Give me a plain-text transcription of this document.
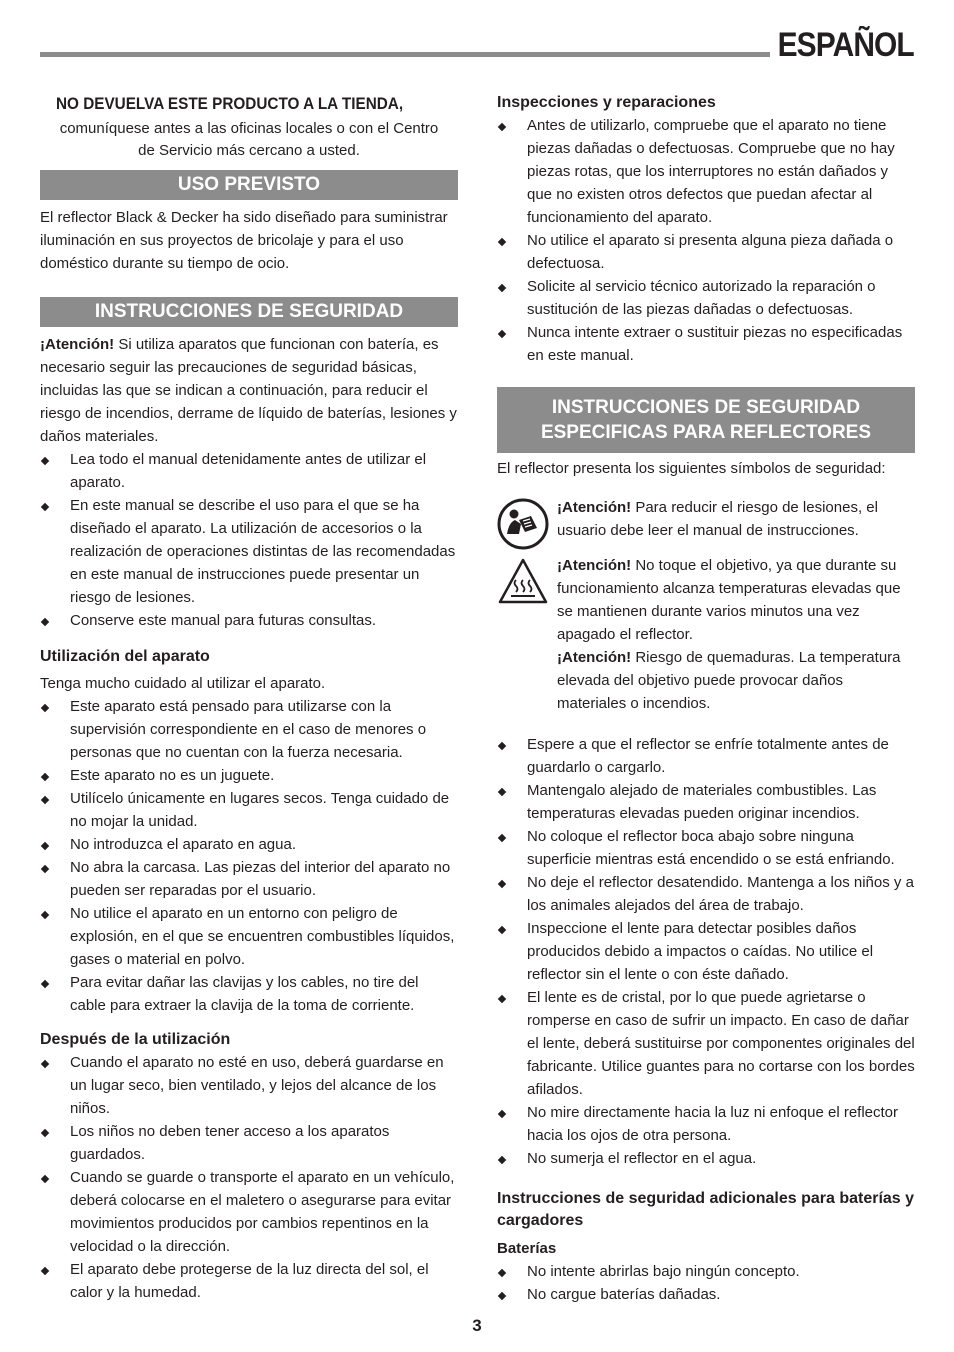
ESPAÑOL

NO DEVUELVA ESTE PRODUCTO A LA TIENDA,

comuníquese antes a las oficinas locales o con el Centro de Servicio más cercano a usted.

USO PREVISTO

El reflector Black & Decker ha sido diseñado para suministrar iluminación en sus proyectos de bricolaje y para el uso doméstico durante su tiempo de ocio.

INSTRUCCIONES DE SEGURIDAD

¡Atención! Si utiliza aparatos que funcionan con batería, es necesario seguir las precauciones de seguridad básicas, incluidas las que se indican a continuación, para reducir el riesgo de incendios, derrame de líquido de baterías, lesiones y daños materiales.

Lea todo el manual detenidamente antes de utilizar el aparato.
En este manual se describe el uso para el que se ha diseñado el aparato. La utilización de accesorios o la realización de operaciones distintas de las recomendadas en este manual de instrucciones puede presentar un riesgo de lesiones.
Conserve este manual para futuras consultas.
Utilización del aparato

Tenga mucho cuidado al utilizar el aparato.

Este aparato está pensado para utilizarse con la supervisión correspondiente en el caso de menores o personas que no cuentan con la fuerza necesaria.
Este aparato no es un juguete.
Utilícelo únicamente en lugares secos. Tenga cuidado de no mojar la unidad.
No introduzca el aparato en agua.
No abra la carcasa. Las piezas del interior del aparato no pueden ser reparadas por el usuario.
No utilice el aparato en un entorno con peligro de explosión, en el que se encuentren combustibles líquidos, gases o material en polvo.
Para evitar dañar las clavijas y los cables, no tire del cable para extraer la clavija de la toma de corriente.
Después de la utilización
Cuando el aparato no esté en uso, deberá guardarse en un lugar seco, bien ventilado, y lejos del alcance de los niños.
Los niños no deben tener acceso a los aparatos guardados.
Cuando se guarde o transporte el aparato en un vehículo, deberá colocarse en el maletero o asegurarse para evitar movimientos producidos por cambios repentinos en la velocidad o la dirección.
El aparato debe protegerse de la luz directa del sol, el calor y la humedad.
Inspecciones y reparaciones
Antes de utilizarlo, compruebe que el aparato no tiene piezas dañadas o defectuosas. Compruebe que no hay piezas rotas, que los interruptores no están dañados y que no existen otros defectos que puedan afectar al funcionamiento del aparato.
No utilice el aparato si presenta alguna pieza dañada o defectuosa.
Solicite al servicio técnico autorizado la reparación o sustitución de las piezas dañadas o defectuosas.
Nunca intente extraer o sustituir piezas no especificadas en este manual.
INSTRUCCIONES DE SEGURIDAD
ESPECIFICAS PARA REFLECTORES

El reflector presenta los siguientes símbolos de seguridad:

¡Atención! Para reducir el riesgo de lesiones, el usuario debe leer el manual de instrucciones.

¡Atención! No toque el objetivo, ya que durante su funcionamiento alcanza temperaturas elevadas que se mantienen durante varios minutos una vez apagado el reflector.

¡Atención! Riesgo de quemaduras. La temperatura elevada del objetivo puede provocar daños materiales o incendios.

Espere a que el reflector se enfríe totalmente antes de guardarlo o cargarlo.
Mantengalo alejado de materiales combustibles. Las temperaturas elevadas pueden originar incendios.
No coloque el reflector boca abajo sobre ninguna superficie mientras está encendido o se está enfriando.
No deje el reflector desatendido. Mantenga a los niños y a los animales alejados del área de trabajo.
Inspeccione el lente para detectar posibles daños producidos debido a impactos o caídas. No utilice el reflector sin el lente o con éste dañado.
El lente es de cristal, por lo que puede agrietarse o romperse en caso de sufrir un impacto. En caso de dañar el lente, deberá sustituirse por componentes originales del fabricante. Utilice guantes para no cortarse con los bordes afilados.
No mire directamente hacia la luz ni enfoque el reflector hacia los ojos de otra persona.
No sumerja el reflector en el agua.
Instrucciones de seguridad adicionales para baterías y cargadores
Baterías
No intente abrirlas bajo ningún concepto.
No cargue baterías dañadas.
3
